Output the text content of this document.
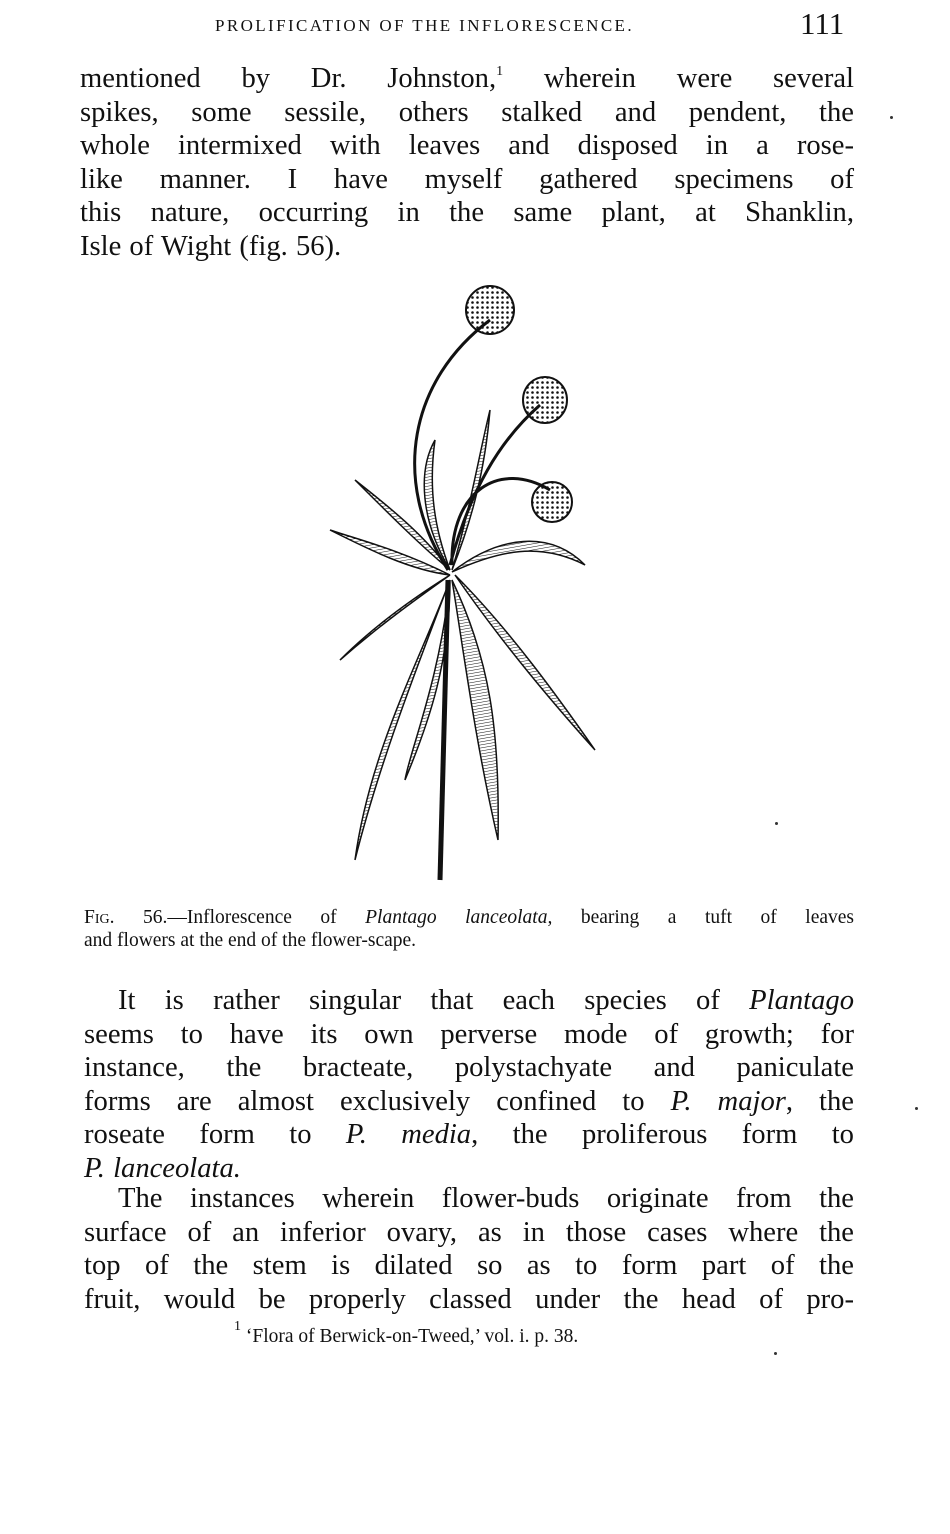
PROLIFICATION OF THE INFLORESCENCE.	111
mentioned by Dr. Johnston,$^1$ wherein were several
spikes, some sessile, others stalked and pendent, the
whole intermixed with leaves and disposed in a rose-
like manner. I have myself gathered specimens of
this nature, occurring in the same plant, at Shanklin,
Isle of Wight (fig. 56).
Fig. 56.—Inflorescence of Plantago lanceolata, bearing a tuft of leaves
and flowers at the end of the flower-scape.
It is rather singular that each species of Plantago
seems to have its own perverse mode of growth; for
instance, the bracteate, polystachyate and paniculate
forms are almost exclusively confined to P. major, the
roseate form to P. media, the proliferous form to
P. lanceolata.
The instances wherein flower-buds originate from the
surface of an inferior ovary, as in those cases where the
top of the stem is dilated so as to form part of the
fruit, would be properly classed under the head of pro-
$^1$ ‘Flora of Berwick-on-Tweed,’ vol. i. p. 38.
